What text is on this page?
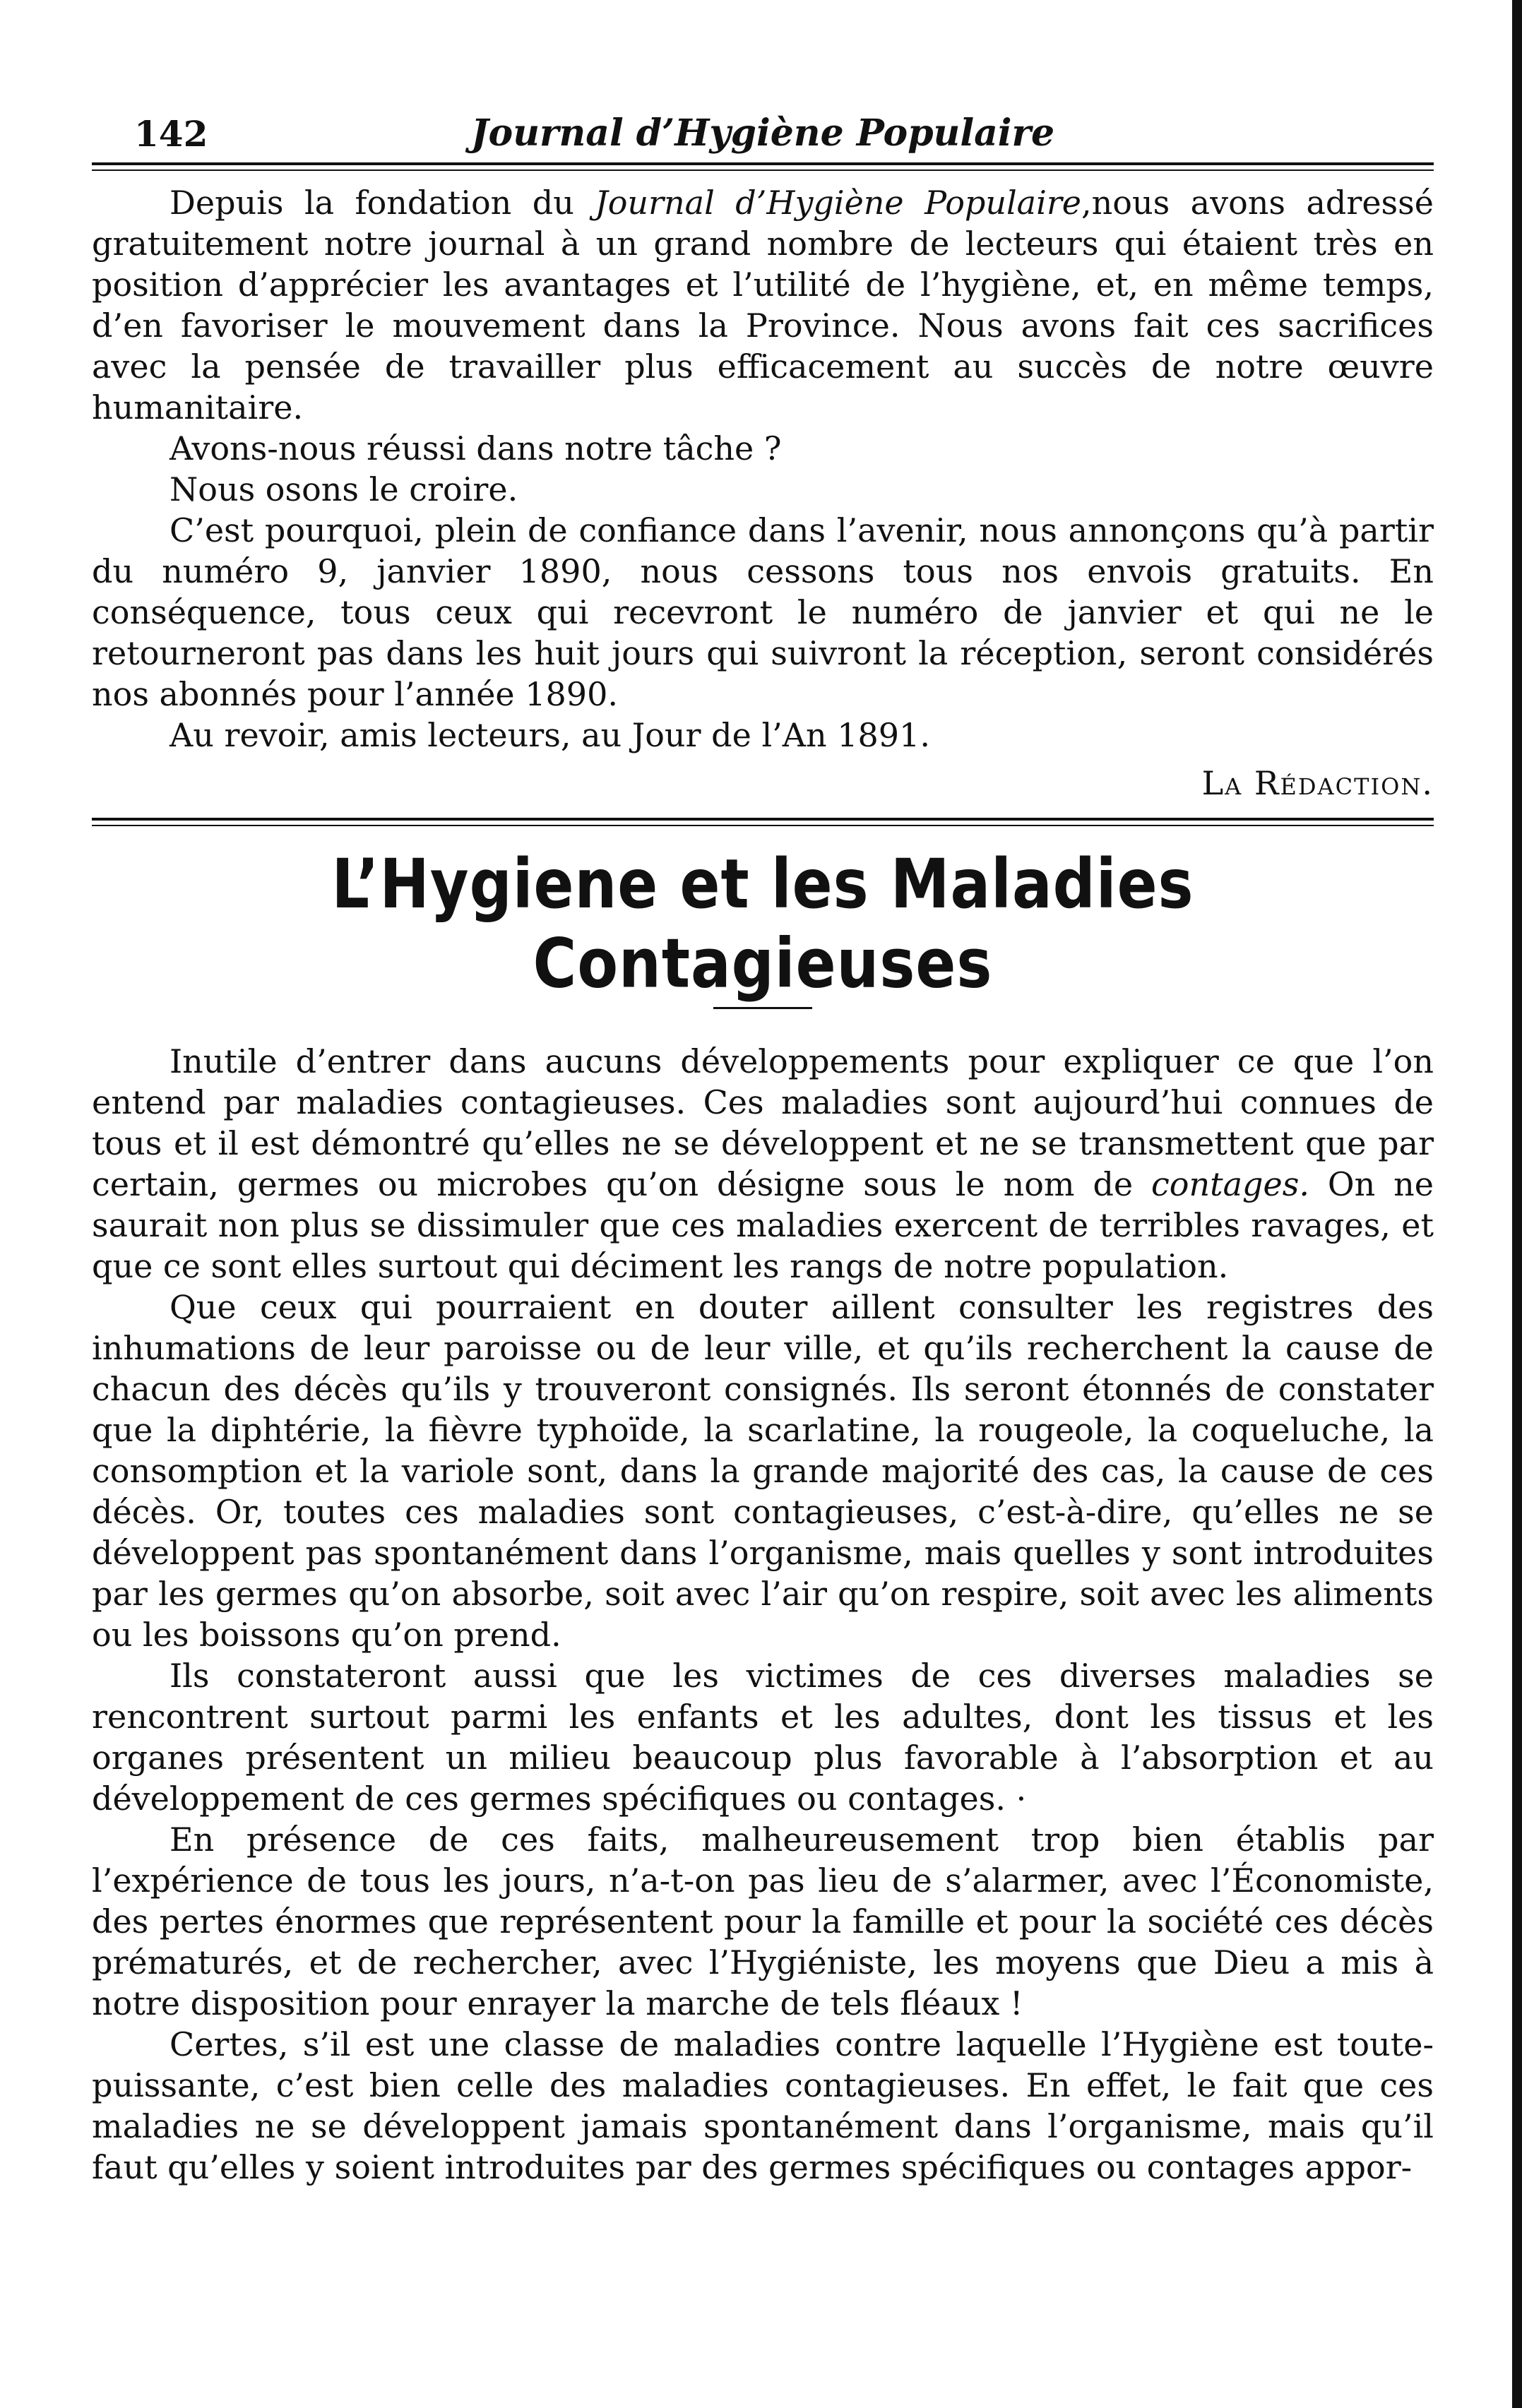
142	Journal d’Hygiène Populaire

Depuis la fondation du Journal d’Hygiène Populaire,nous avons adressé gratuitement notre journal à un grand nombre de lecteurs qui étaient très en position d’apprécier les avantages et l’utilité de l’hygiène, et, en même temps, d’en favoriser le mouvement dans la Province. Nous avons fait ces sacrifices avec la pensée de travailler plus efficacement au succès de notre œuvre humanitaire.

Avons-nous réussi dans notre tâche ?

Nous osons le croire.

C’est pourquoi, plein de confiance dans l’avenir, nous annonçons qu’à partir du numéro 9, janvier 1890, nous cessons tous nos envois gratuits. En conséquence, tous ceux qui recevront le numéro de janvier et qui ne le retourneront pas dans les huit jours qui suivront la réception, seront considérés nos abonnés pour l’année 1890.

Au revoir, amis lecteurs, au Jour de l’An 1891.

La Rédaction.
L’Hygiene et les Maladies Contagieuses

Inutile d’entrer dans aucuns développements pour expliquer ce que l’on entend par maladies contagieuses. Ces maladies sont aujourd’hui connues de tous et il est démontré qu’elles ne se développent et ne se transmettent que par certain, germes ou microbes qu’on désigne sous le nom de contages. On ne saurait non plus se dissimuler que ces maladies exercent de terribles ravages, et que ce sont elles surtout qui déciment les rangs de notre population.

Que ceux qui pourraient en douter aillent consulter les registres des inhumations de leur paroisse ou de leur ville, et qu’ils recherchent la cause de chacun des décès qu’ils y trouveront consignés. Ils seront étonnés de constater que la diphtérie, la fièvre typhoïde, la scarlatine, la rougeole, la coqueluche, la consomption et la variole sont, dans la grande majorité des cas, la cause de ces décès. Or, toutes ces maladies sont contagieuses, c’est-à-dire, qu’elles ne se développent pas spontanément dans l’organisme, mais quelles y sont introduites par les germes qu’on absorbe, soit avec l’air qu’on respire, soit avec les aliments ou les boissons qu’on prend.

Ils constateront aussi que les victimes de ces diverses maladies se rencontrent surtout parmi les enfants et les adultes, dont les tissus et les organes présentent un milieu beaucoup plus favorable à l’absorption et au développement de ces germes spécifiques ou contages. ·

En présence de ces faits, malheureusement trop bien établis par l’expérience de tous les jours, n’a-t-on pas lieu de s’alarmer, avec l’Économiste, des pertes énormes que représentent pour la famille et pour la société ces décès prématurés, et de rechercher, avec l’Hygiéniste, les moyens que Dieu a mis à notre disposition pour enrayer la marche de tels fléaux !

Certes, s’il est une classe de maladies contre laquelle l’Hygiène est toute-puissante, c’est bien celle des maladies contagieuses. En effet, le fait que ces maladies ne se développent jamais spontanément dans l’organisme, mais qu’il faut qu’elles y soient introduites par des germes spécifiques ou contages appor-
